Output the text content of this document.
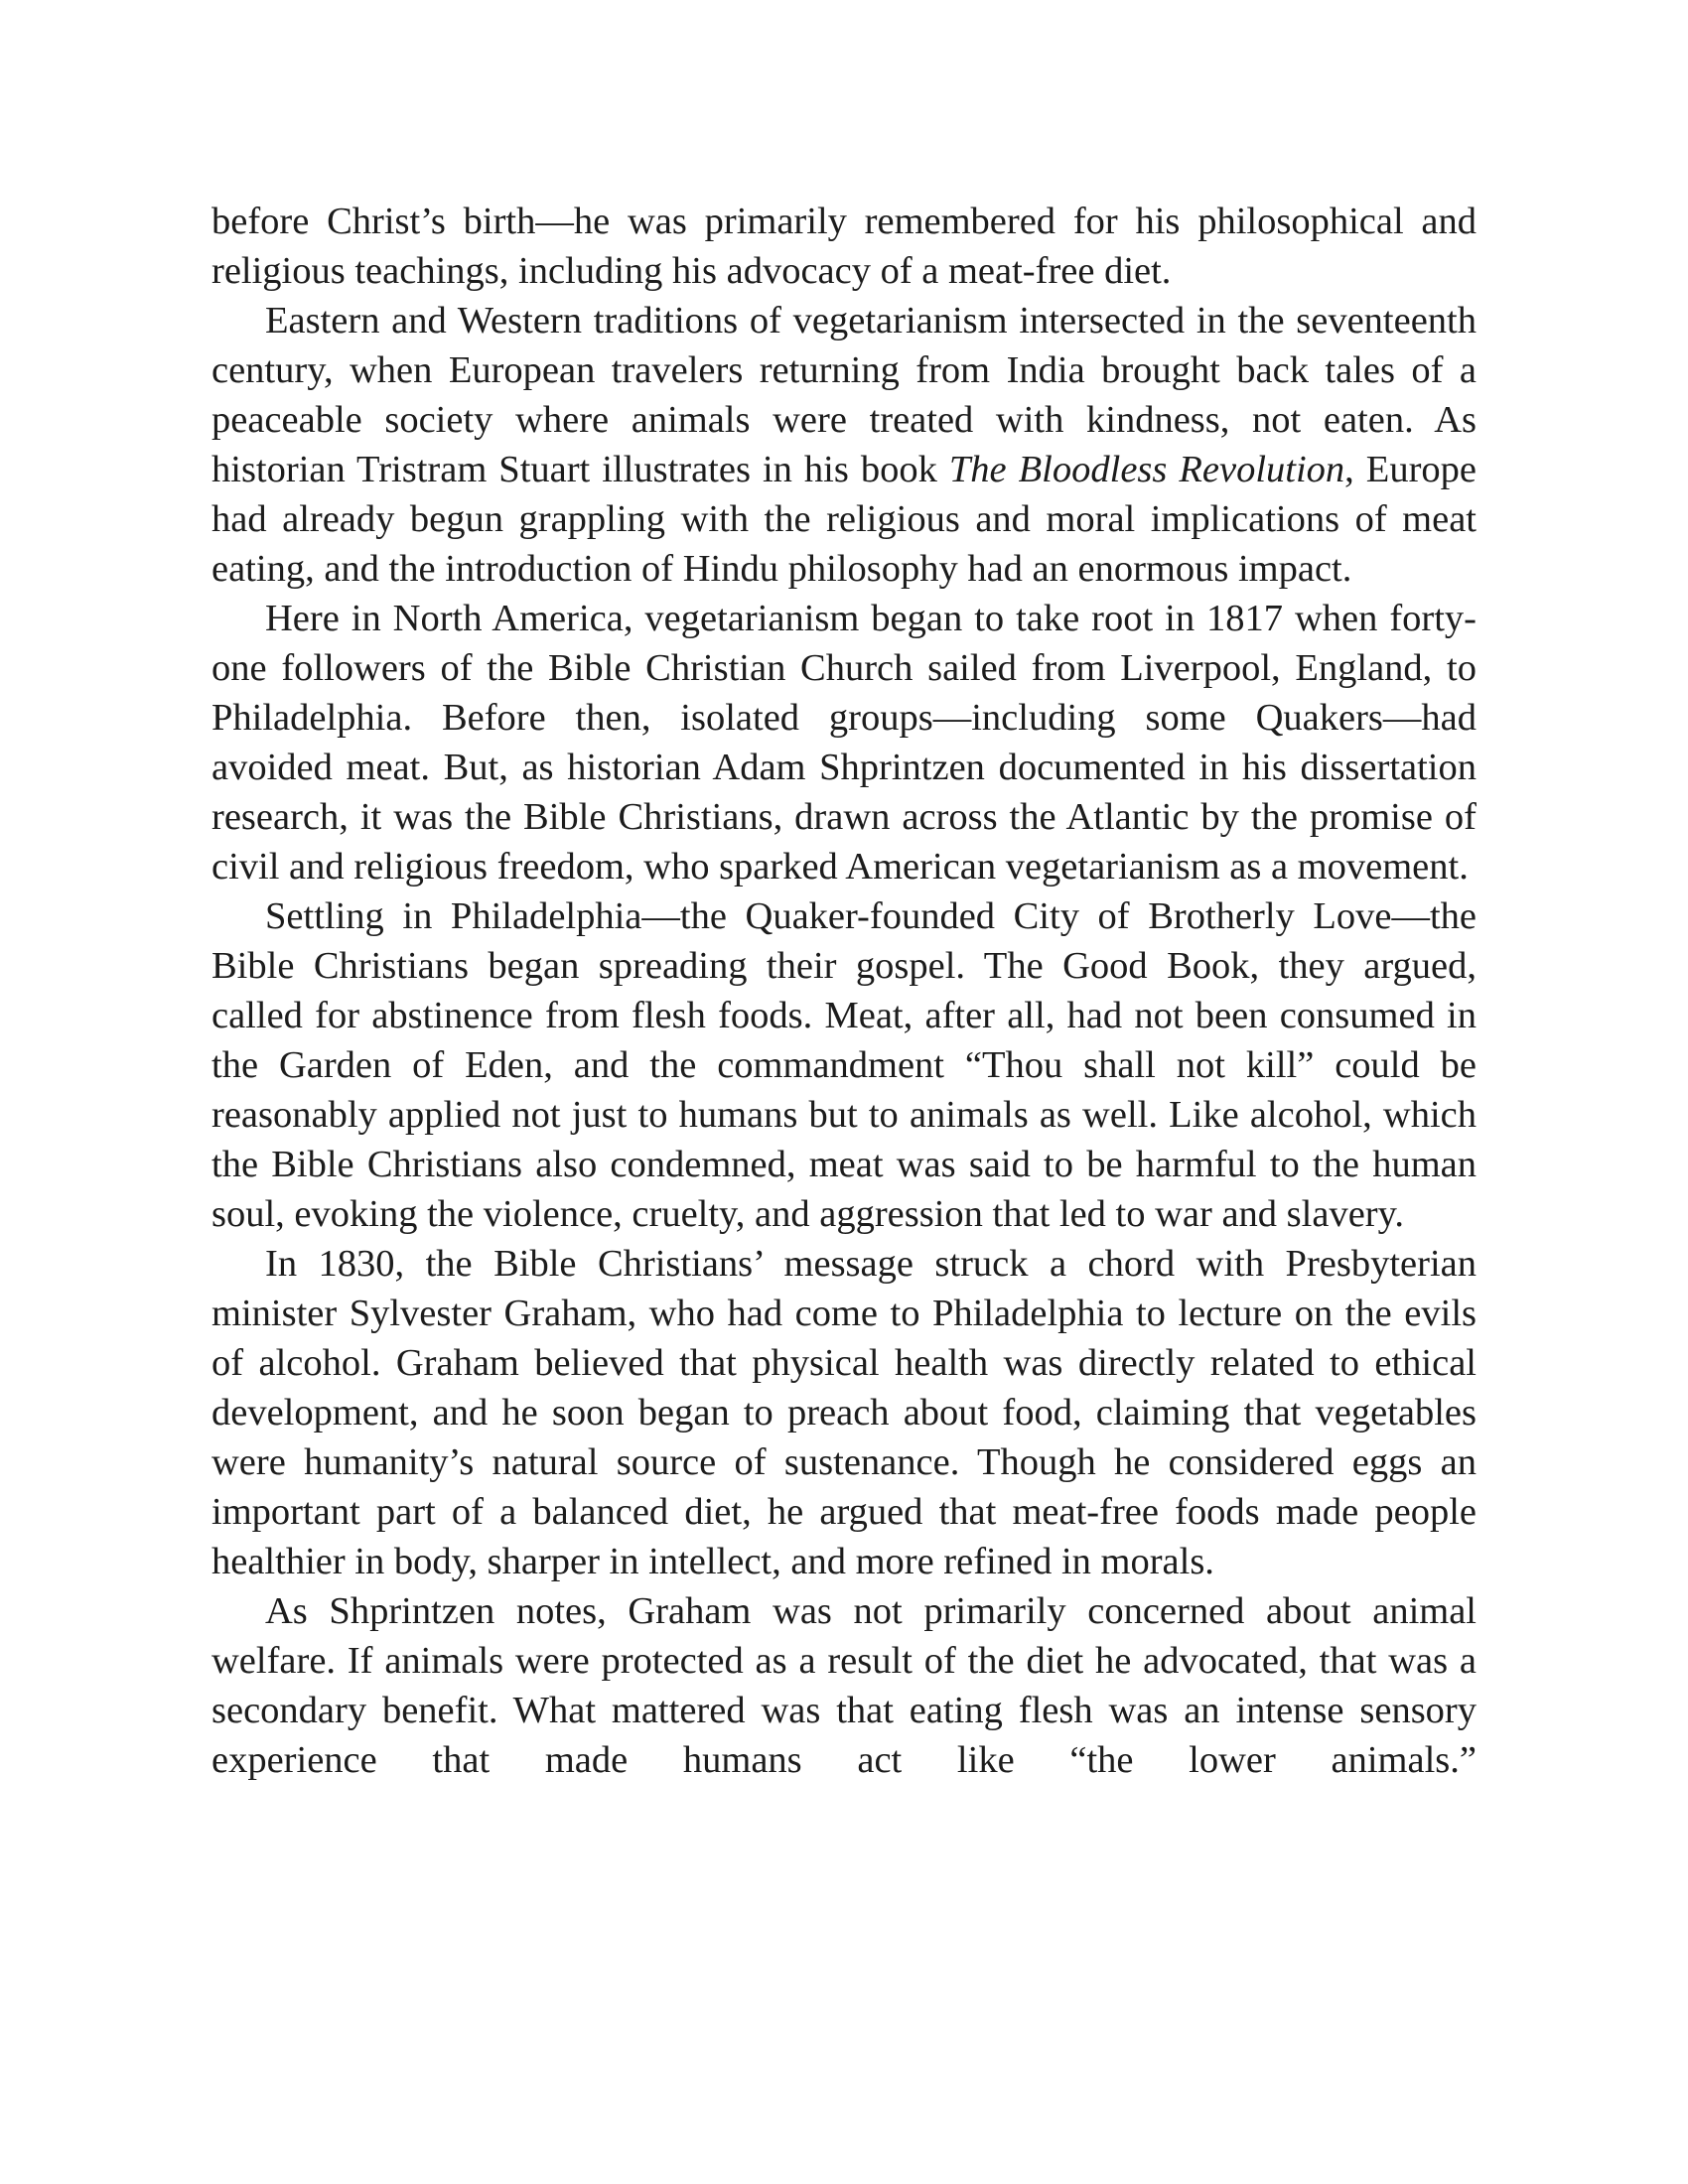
before Christ’s birth—he was primarily remembered for his philosophical and religious teachings, including his advocacy of a meat-free diet.

Eastern and Western traditions of vegetarianism intersected in the seventeenth century, when European travelers returning from India brought back tales of a peaceable society where animals were treated with kindness, not eaten. As historian Tristram Stuart illustrates in his book The Bloodless Revolution, Europe had already begun grappling with the religious and moral implications of meat eating, and the introduction of Hindu philosophy had an enormous impact.

Here in North America, vegetarianism began to take root in 1817 when forty-one followers of the Bible Christian Church sailed from Liverpool, England, to Philadelphia. Before then, isolated groups—including some Quakers—had avoided meat. But, as historian Adam Shprintzen documented in his dissertation research, it was the Bible Christians, drawn across the Atlantic by the promise of civil and religious freedom, who sparked American vegetarianism as a movement.

Settling in Philadelphia—the Quaker-founded City of Brotherly Love—the Bible Christians began spreading their gospel. The Good Book, they argued, called for abstinence from flesh foods. Meat, after all, had not been consumed in the Garden of Eden, and the commandment “Thou shall not kill” could be reasonably applied not just to humans but to animals as well. Like alcohol, which the Bible Christians also condemned, meat was said to be harmful to the human soul, evoking the violence, cruelty, and aggression that led to war and slavery.

In 1830, the Bible Christians’ message struck a chord with Presbyterian minister Sylvester Graham, who had come to Philadelphia to lecture on the evils of alcohol. Graham believed that physical health was directly related to ethical development, and he soon began to preach about food, claiming that vegetables were humanity’s natural source of sustenance. Though he considered eggs an important part of a balanced diet, he argued that meat-free foods made people healthier in body, sharper in intellect, and more refined in morals.

As Shprintzen notes, Graham was not primarily concerned about animal welfare. If animals were protected as a result of the diet he advocated, that was a secondary benefit. What mattered was that eating flesh was an intense sensory experience that made humans act like “the lower animals.”
